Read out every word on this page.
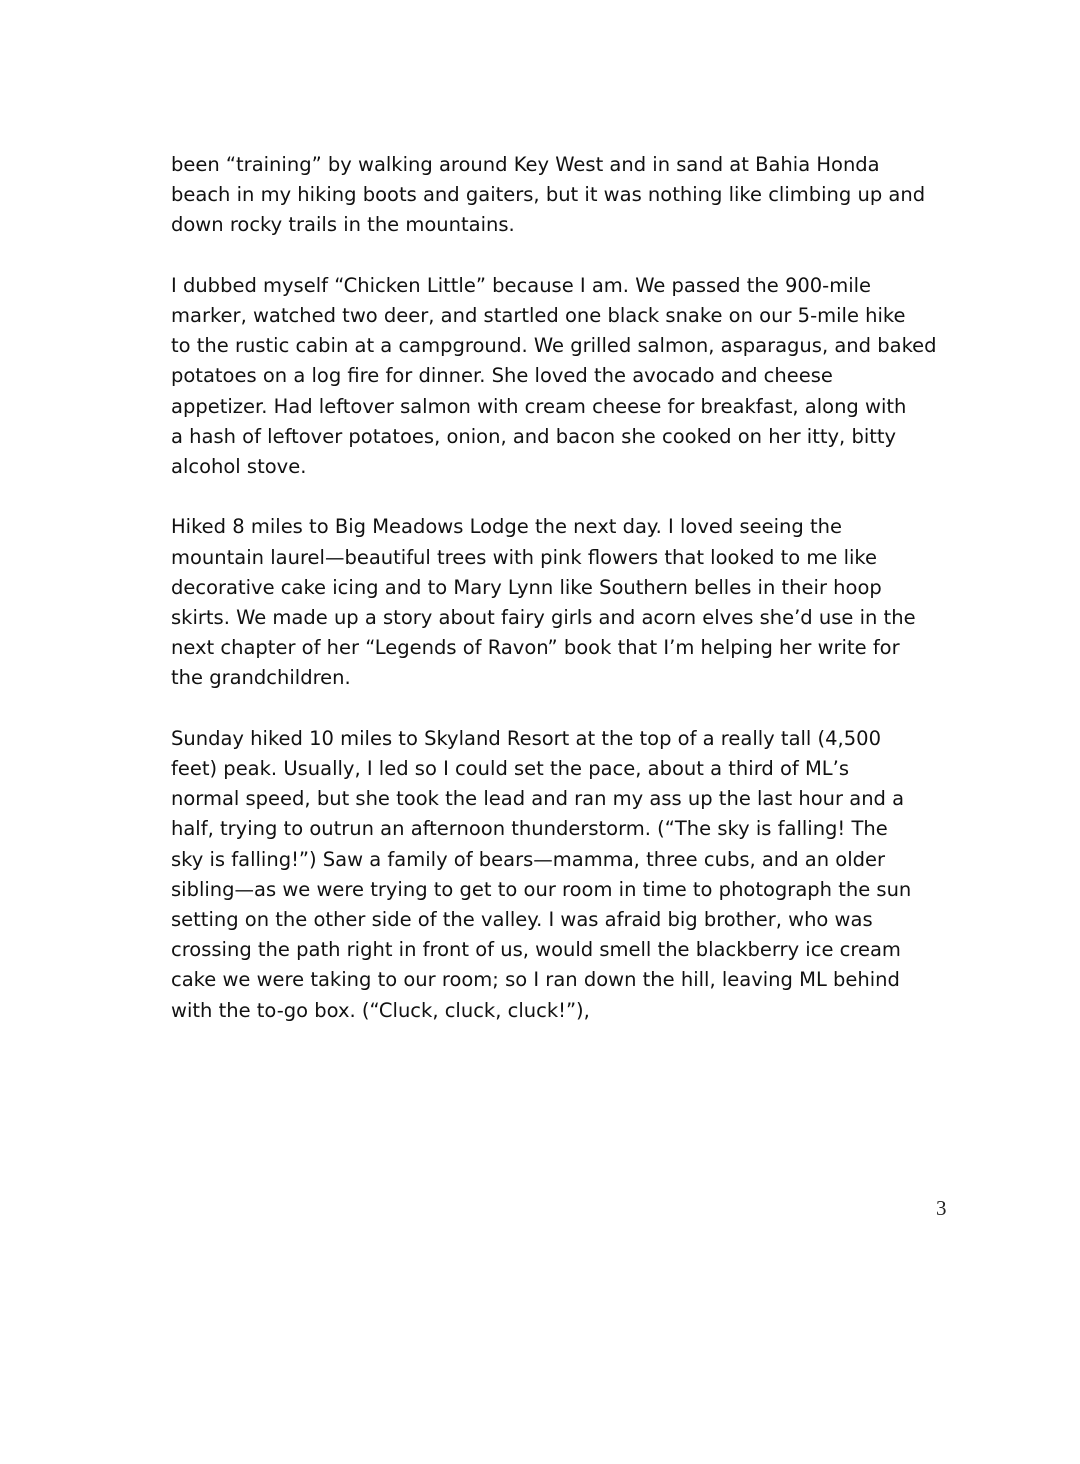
been “training” by walking around Key West and in sand at Bahia Honda
beach in my hiking boots and gaiters, but it was nothing like climbing up and
down rocky trails in the mountains.
I dubbed myself “Chicken Little” because I am. We passed the 900-mile
marker, watched two deer, and startled one black snake on our 5-mile hike
to the rustic cabin at a campground. We grilled salmon, asparagus, and baked
potatoes on a log fire for dinner. She loved the avocado and cheese
appetizer. Had leftover salmon with cream cheese for breakfast, along with
a hash of leftover potatoes, onion, and bacon she cooked on her itty, bitty
alcohol stove.
Hiked 8 miles to Big Meadows Lodge the next day. I loved seeing the
mountain laurel—beautiful trees with pink flowers that looked to me like
decorative cake icing and to Mary Lynn like Southern belles in their hoop
skirts. We made up a story about fairy girls and acorn elves she’d use in the
next chapter of her “Legends of Ravon” book that I’m helping her write for
the grandchildren.
Sunday hiked 10 miles to Skyland Resort at the top of a really tall (4,500
feet) peak. Usually, I led so I could set the pace, about a third of ML’s
normal speed, but she took the lead and ran my ass up the last hour and a
half, trying to outrun an afternoon thunderstorm. (“The sky is falling! The
sky is falling!”) Saw a family of bears—mamma, three cubs, and an older
sibling—as we were trying to get to our room in time to photograph the sun
setting on the other side of the valley. I was afraid big brother, who was
crossing the path right in front of us, would smell the blackberry ice cream
cake we were taking to our room; so I ran down the hill, leaving ML behind
with the to-go box. (“Cluck, cluck, cluck!”),
3
